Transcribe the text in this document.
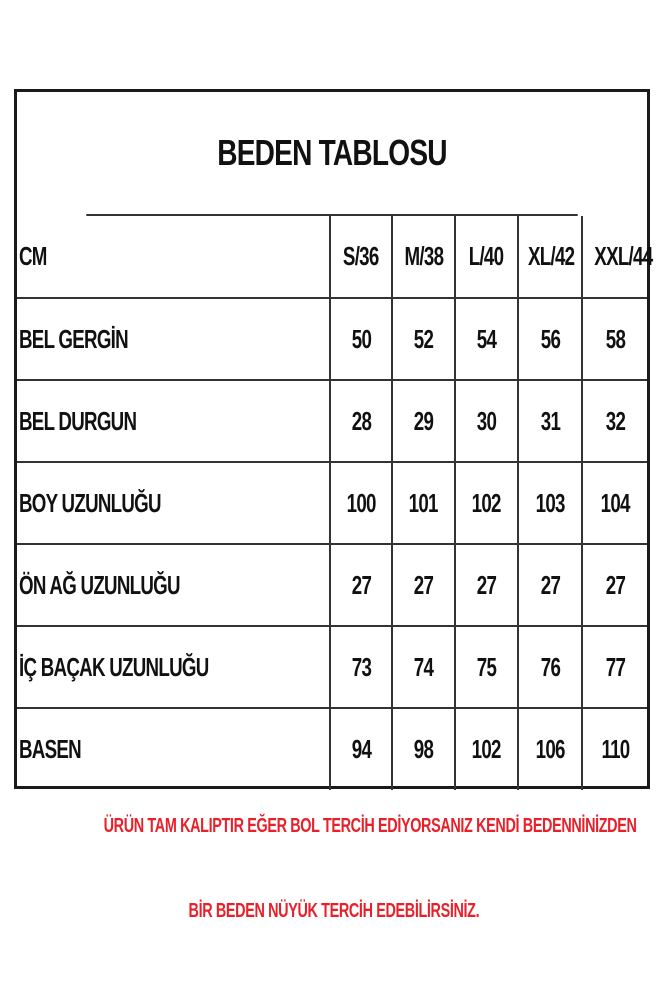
BEDEN TABLOSU
CM	S/36	M/38	L/40	XL/42	XXL/44
BEL GERGİN	50	52	54	56	58
BEL DURGUN	28	29	30	31	32
BOY UZUNLUĞU	100	101	102	103	104
ÖN AĞ UZUNLUĞU	27	27	27	27	27
İÇ BAÇAK UZUNLUĞU	73	74	75	76	77
BASEN	94	98	102	106	110
ÜRÜN TAM KALIPTIR EĞER BOL TERCİH EDİYORSANIZ KENDİ BEDENNİNİZDEN
BİR BEDEN NÜYÜK TERCİH EDEBİLİRSİNİZ.
